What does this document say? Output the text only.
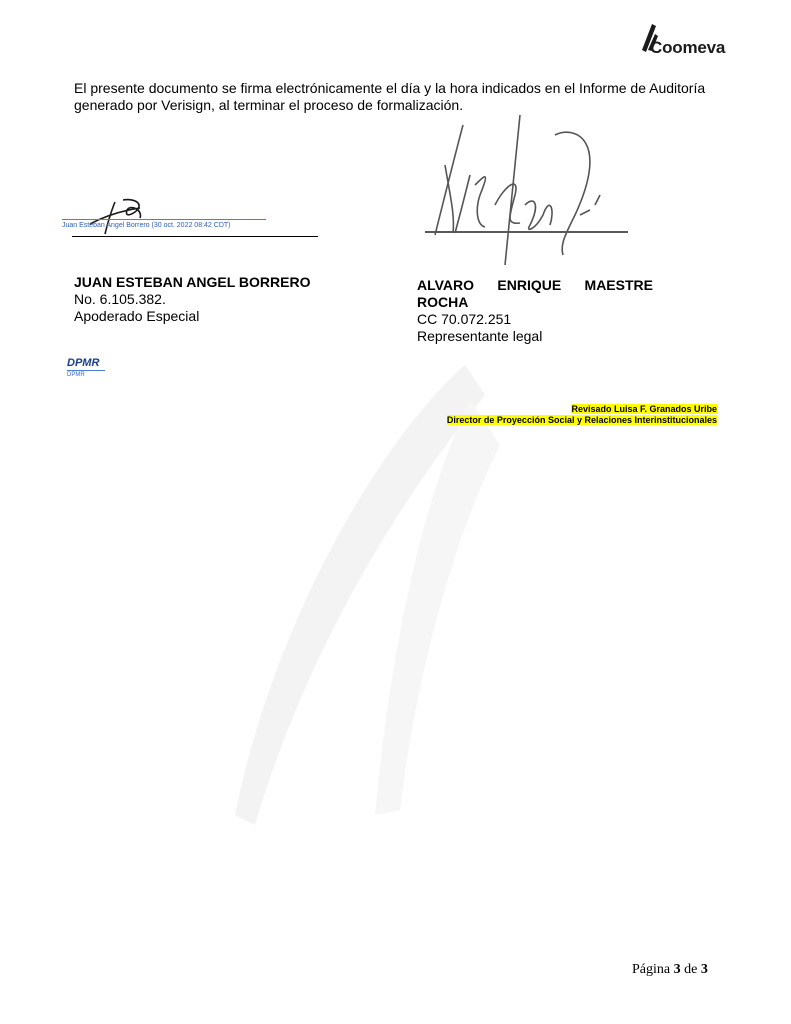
Coomeva
El presente documento se firma electrónicamente el día y la hora indicados en el Informe de Auditoría generado por Verisign, al terminar el proceso de formalización.
Juan Esteban Angel Borrero (30 oct. 2022 08:42 CDT)
JUAN ESTEBAN ANGEL BORRERO
No. 6.105.382.
Apoderado Especial
ALVARO ENRIQUE MAESTRE
ROCHA
CC 70.072.251
Representante legal
DPMR
DPMR
Revisado Luisa F. Granados Uribe
Director de Proyección Social y Relaciones Interinstitucionales
Página 3 de 3
